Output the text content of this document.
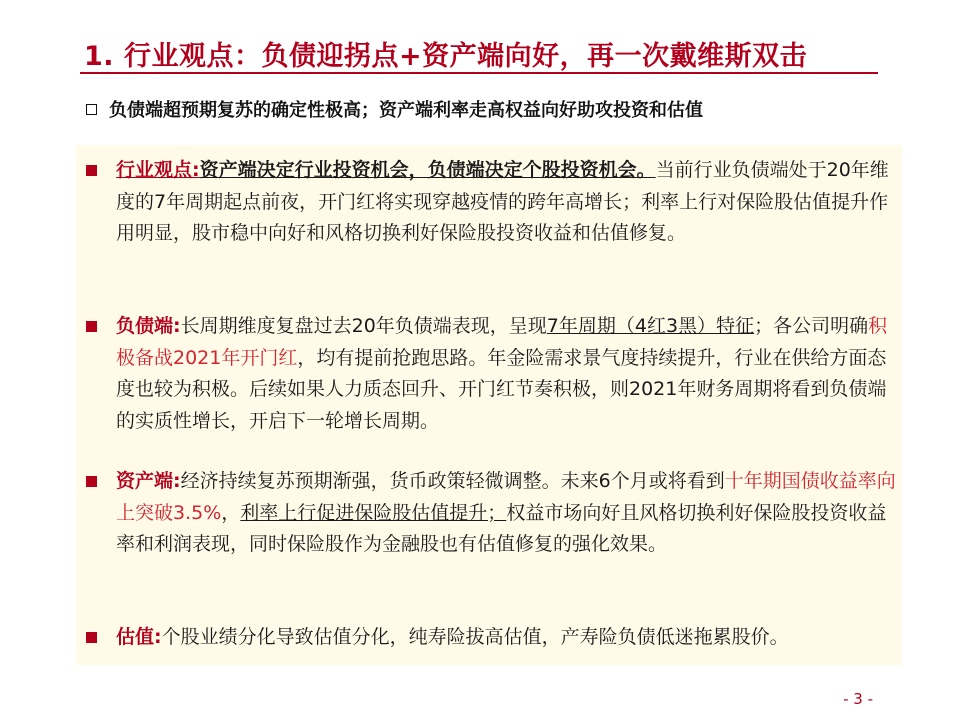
1. 行业观点：负债迎拐点+资产端向好，再一次戴维斯双击
负债端超预期复苏的确定性极高；资产端利率走高权益向好助攻投资和估值
行业观点:资产端决定行业投资机会，负债端决定个股投资机会。当前行业负债端处于20年维度的7年周期起点前夜，开门红将实现穿越疫情的跨年高增长；利率上行对保险股估值提升作用明显，股市稳中向好和风格切换利好保险股投资收益和估值修复。
负债端:长周期维度复盘过去20年负债端表现，呈现7年周期（4红3黑）特征；各公司明确积极备战2021年开门红，均有提前抢跑思路。年金险需求景气度持续提升，行业在供给方面态度也较为积极。后续如果人力质态回升、开门红节奏积极，则2021年财务周期将看到负债端的实质性增长，开启下一轮增长周期。
资产端:经济持续复苏预期渐强，货币政策轻微调整。未来6个月或将看到十年期国债收益率向上突破3.5%，利率上行促进保险股估值提升；权益市场向好且风格切换利好保险股投资收益率和利润表现，同时保险股作为金融股也有估值修复的强化效果。
估值:个股业绩分化导致估值分化，纯寿险拔高估值，产寿险负债低迷拖累股价。
- 3 -
